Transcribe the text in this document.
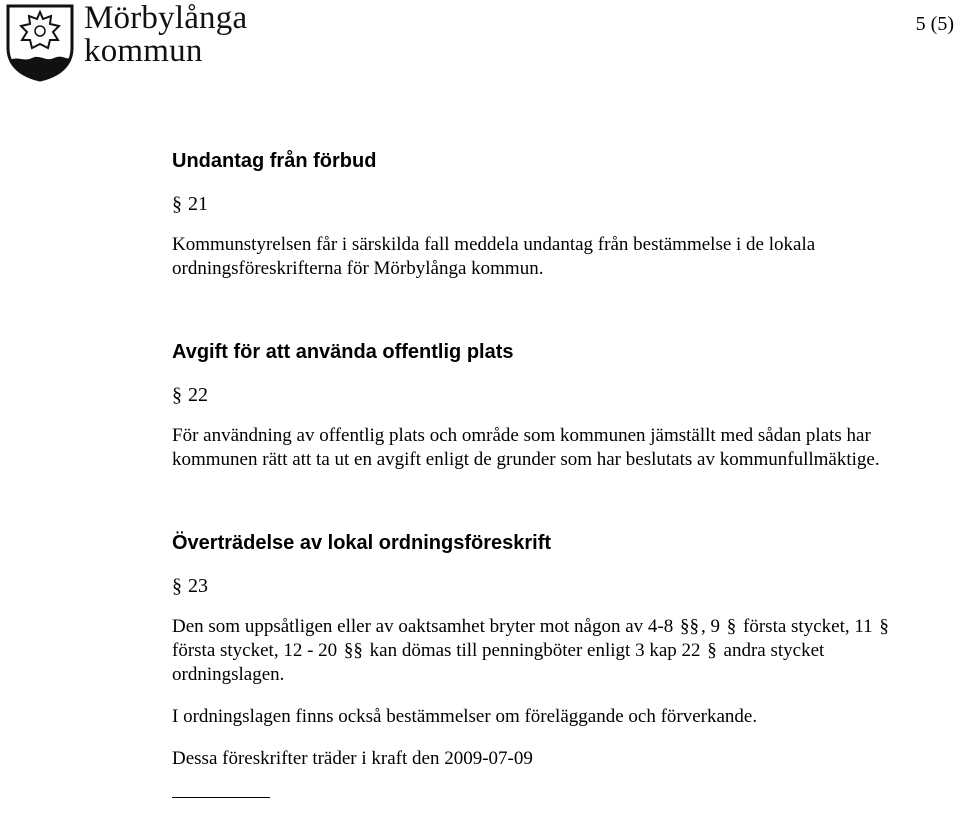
Mörbylånga
kommun
5 (5)
Undantag från förbud
§ 21

Kommunstyrelsen får i särskilda fall meddela undantag från bestämmelse i de lokala ordningsföreskrifterna för Mörbylånga kommun.

Avgift för att använda offentlig plats
§ 22

För användning av offentlig plats och område som kommunen jämställt med sådan plats har kommunen rätt att ta ut en avgift enligt de grunder som har beslutats av kommunfullmäktige.

Överträdelse av lokal ordningsföreskrift
§ 23

Den som uppsåtligen eller av oaktsamhet bryter mot någon av 4-8 §§ , 9 § första stycket, 11 § första stycket, 12 - 20 §§ kan dömas till penningböter enligt 3 kap 22 § andra stycket ordningslagen.

I ordningslagen finns också bestämmelser om föreläggande och förverkande.

Dessa föreskrifter träder i kraft den 2009-07-09
